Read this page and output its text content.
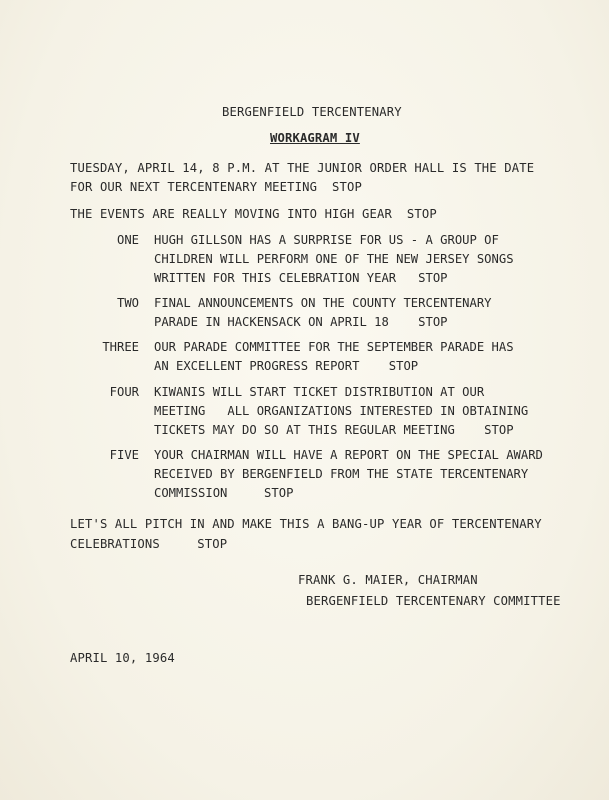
BERGENFIELD TERCENTENARY
WORKAGRAM IV
TUESDAY, APRIL 14, 8 P.M. AT THE JUNIOR ORDER HALL IS THE DATE
FOR OUR NEXT TERCENTENARY MEETING  STOP
THE EVENTS ARE REALLY MOVING INTO HIGH GEAR  STOP
ONE HUGH GILLSON HAS A SURPRISE FOR US - A GROUP OF
CHILDREN WILL PERFORM ONE OF THE NEW JERSEY SONGS
WRITTEN FOR THIS CELEBRATION YEAR   STOP
TWO FINAL ANNOUNCEMENTS ON THE COUNTY TERCENTENARY
PARADE IN HACKENSACK ON APRIL 18    STOP
THREE OUR PARADE COMMITTEE FOR THE SEPTEMBER PARADE HAS
AN EXCELLENT PROGRESS REPORT    STOP
FOUR KIWANIS WILL START TICKET DISTRIBUTION AT OUR
MEETING   ALL ORGANIZATIONS INTERESTED IN OBTAINING
TICKETS MAY DO SO AT THIS REGULAR MEETING    STOP
FIVE YOUR CHAIRMAN WILL HAVE A REPORT ON THE SPECIAL AWARD
RECEIVED BY BERGENFIELD FROM THE STATE TERCENTENARY
COMMISSION     STOP
LET'S ALL PITCH IN AND MAKE THIS A BANG-UP YEAR OF TERCENTENARY
CELEBRATIONS     STOP
FRANK G. MAIER, CHAIRMAN
BERGENFIELD TERCENTENARY COMMITTEE
APRIL 10, 1964
